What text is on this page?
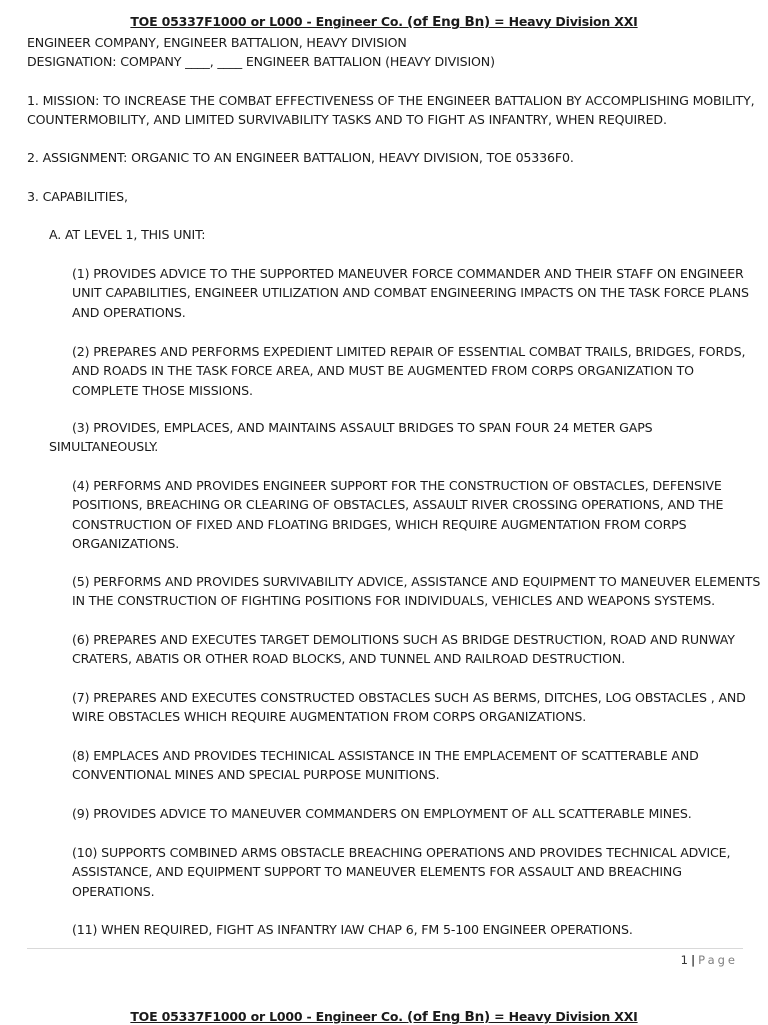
TOE 05337F1000 or L000 - Engineer Co. (of Eng Bn) = Heavy Division XXI
ENGINEER COMPANY, ENGINEER BATTALION, HEAVY DIVISION
DESIGNATION: COMPANY ____, ____ ENGINEER BATTALION (HEAVY DIVISION)
1. MISSION: TO INCREASE THE COMBAT EFFECTIVENESS OF THE ENGINEER BATTALION BY ACCOMPLISHING MOBILITY,
COUNTERMOBILITY, AND LIMITED SURVIVABILITY TASKS AND TO FIGHT AS INFANTRY, WHEN REQUIRED.
2. ASSIGNMENT: ORGANIC TO AN ENGINEER BATTALION, HEAVY DIVISION, TOE 05336F0.
3. CAPABILITIES,
A. AT LEVEL 1, THIS UNIT:
(1) PROVIDES ADVICE TO THE SUPPORTED MANEUVER FORCE COMMANDER AND THEIR STAFF ON ENGINEER
UNIT CAPABILITIES, ENGINEER UTILIZATION AND COMBAT ENGINEERING IMPACTS ON THE TASK FORCE PLANS
AND OPERATIONS.
(2) PREPARES AND PERFORMS EXPEDIENT LIMITED REPAIR OF ESSENTIAL COMBAT TRAILS, BRIDGES, FORDS,
AND ROADS IN THE TASK FORCE AREA, AND MUST BE AUGMENTED FROM CORPS ORGANIZATION TO
COMPLETE THOSE MISSIONS.
(3) PROVIDES, EMPLACES, AND MAINTAINS ASSAULT BRIDGES TO SPAN FOUR 24 METER GAPS
SIMULTANEOUSLY.
(4) PERFORMS AND PROVIDES ENGINEER SUPPORT FOR THE CONSTRUCTION OF OBSTACLES, DEFENSIVE
POSITIONS, BREACHING OR CLEARING OF OBSTACLES, ASSAULT RIVER CROSSING OPERATIONS, AND THE
CONSTRUCTION OF FIXED AND FLOATING BRIDGES, WHICH REQUIRE AUGMENTATION FROM CORPS
ORGANIZATIONS.
(5) PERFORMS AND PROVIDES SURVIVABILITY ADVICE, ASSISTANCE AND EQUIPMENT TO MANEUVER ELEMENTS
IN THE CONSTRUCTION OF FIGHTING POSITIONS FOR INDIVIDUALS, VEHICLES AND WEAPONS SYSTEMS.
(6) PREPARES AND EXECUTES TARGET DEMOLITIONS SUCH AS BRIDGE DESTRUCTION, ROAD AND RUNWAY
CRATERS, ABATIS OR OTHER ROAD BLOCKS, AND TUNNEL AND RAILROAD DESTRUCTION.
(7) PREPARES AND EXECUTES CONSTRUCTED OBSTACLES SUCH AS BERMS, DITCHES, LOG OBSTACLES , AND
WIRE OBSTACLES WHICH REQUIRE AUGMENTATION FROM CORPS ORGANIZATIONS.
(8) EMPLACES AND PROVIDES TECHINICAL ASSISTANCE IN THE EMPLACEMENT OF SCATTERABLE AND
CONVENTIONAL MINES AND SPECIAL PURPOSE MUNITIONS.
(9) PROVIDES ADVICE TO MANEUVER COMMANDERS ON EMPLOYMENT OF ALL SCATTERABLE MINES.
(10) SUPPORTS COMBINED ARMS OBSTACLE BREACHING OPERATIONS AND PROVIDES TECHNICAL ADVICE,
ASSISTANCE, AND EQUIPMENT SUPPORT TO MANEUVER ELEMENTS FOR ASSAULT AND BREACHING
OPERATIONS.
(11) WHEN REQUIRED, FIGHT AS INFANTRY IAW CHAP 6, FM 5-100 ENGINEER OPERATIONS.
1 | Page
TOE 05337F1000 or L000 - Engineer Co. (of Eng Bn) = Heavy Division XXI
